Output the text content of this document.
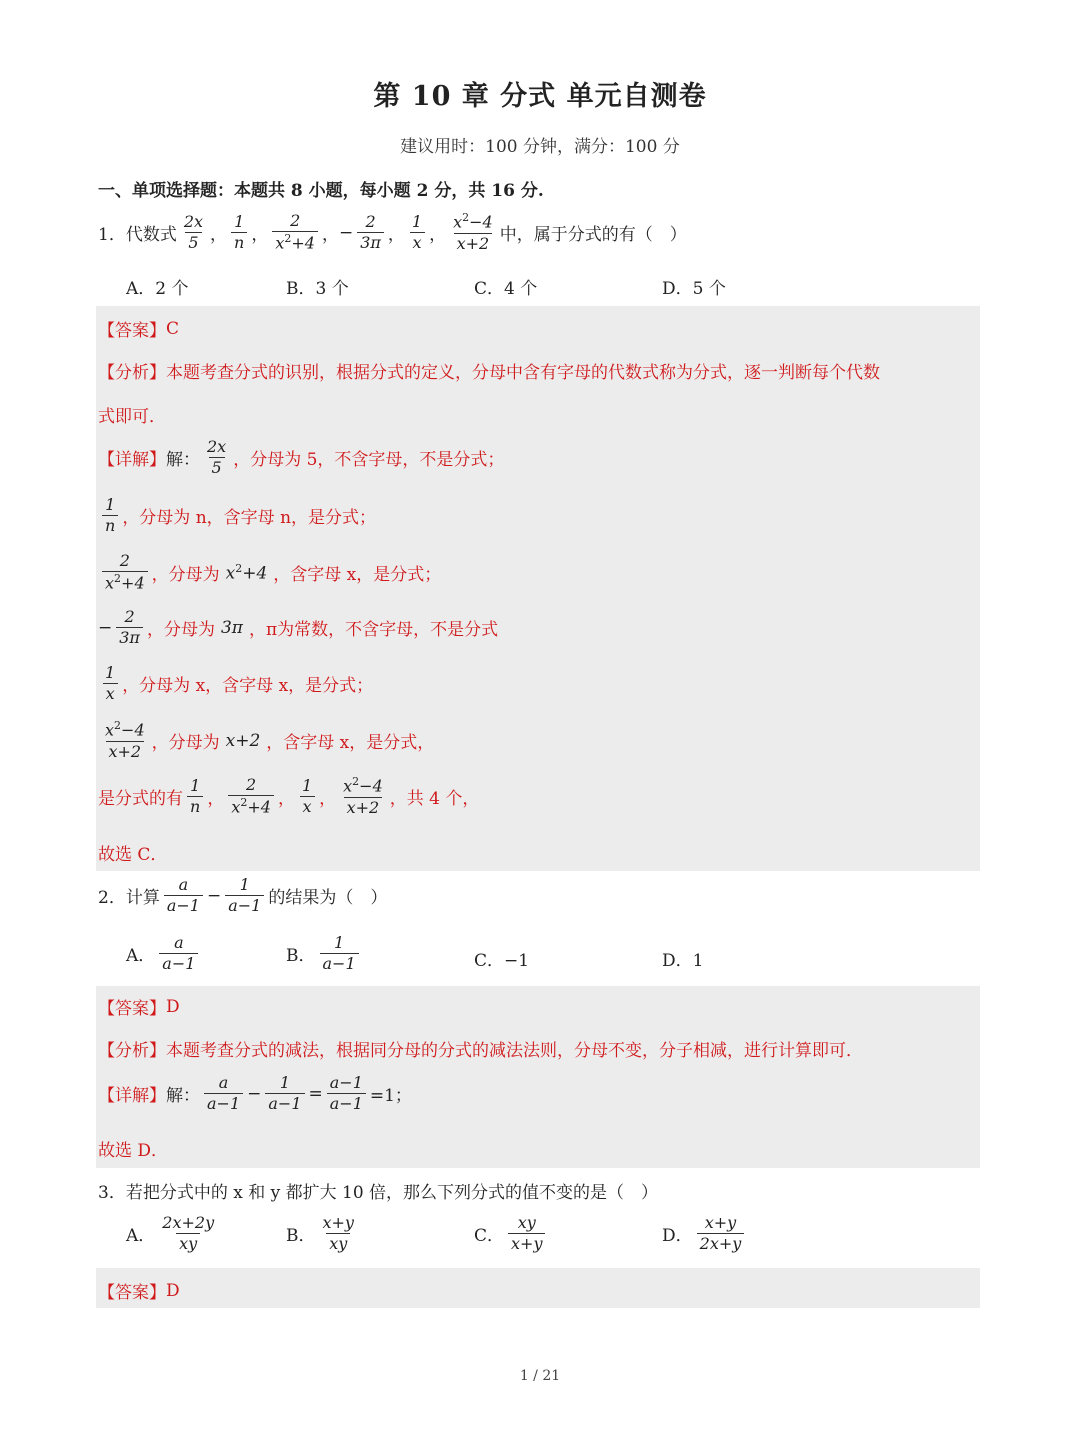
第 10 章 分式 单元自测卷
建议用时：100 分钟，满分：100 分
一、单项选择题：本题共 8 小题，每小题 2 分，共 16 分.
1．代数式 $\frac{2x}{5}$ ， $\frac{1}{n}$ ， $\frac{2}{x^2+4}$ ， − $\frac{2}{3\pi}$ ， $\frac{1}{x}$ ， $\frac{x^2-4}{x+2}$ 中，属于分式的有（　）
A．2 个	B．3 个	C．4 个	D．5 个
【答案】 C
【分析】 本题考查分式的识别，根据分式的定义，分母中含有字母的代数式称为分式，逐一判断每个代数
式即可．
【详解】 解： $\frac{2x}{5}$ ，分母为 5，不含字母，不是分式；
$\frac{1}{n}$ ，分母为 n，含字母 n，是分式；
$\frac{2}{x^2+4}$ ，分母为 $x^2+4$ ，含字母 x，是分式；
− $\frac{2}{3\pi}$ ，分母为 3π ，π为常数，不含字母，不是分式
$\frac{1}{x}$ ，分母为 x，含字母 x，是分式；
$\frac{x^2-4}{x+2}$ ，分母为 x+2 ，含字母 x，是分式，
是分式的有 $\frac{1}{n}$ ， $\frac{2}{x^2+4}$ ， $\frac{1}{x}$ ， $\frac{x^2-4}{x+2}$ ，共 4 个，
故选 C．
2．计算 $\frac{a}{a-1} - \frac{1}{a-1}$ 的结果为（　）
A． $\frac{a}{a-1}$	B． $\frac{1}{a-1}$	C．−1	D．1
【答案】 D
【分析】 本题考查分式的减法，根据同分母的分式的减法法则，分母不变，分子相减，进行计算即可．
【详解】 解： $\frac{a}{a-1} - \frac{1}{a-1} = \frac{a-1}{a-1} =1$；
故选 D．
3．若把分式中的 x 和 y 都扩大 10 倍，那么下列分式的值不变的是（　）
A． $\frac{2x+2y}{xy}$	B． $\frac{x+y}{xy}$	C． $\frac{xy}{x+y}$	D． $\frac{x+y}{2x+y}$
【答案】 D
1 / 21
